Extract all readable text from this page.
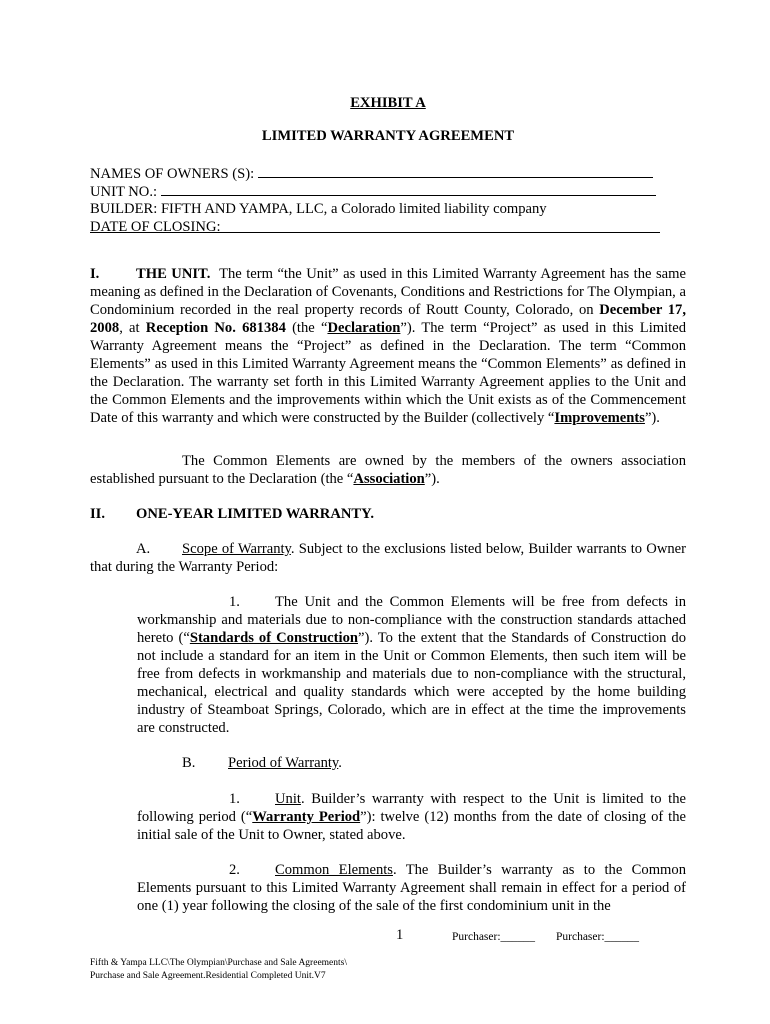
EXHIBIT A
LIMITED WARRANTY AGREEMENT
NAMES OF OWNERS (S):
UNIT NO.:
BUILDER: FIFTH AND YAMPA, LLC, a Colorado limited liability company
DATE OF CLOSING:
I.	THE UNIT. The term “the Unit” as used in this Limited Warranty Agreement has the same meaning as defined in the Declaration of Covenants, Conditions and Restrictions for The Olympian, a Condominium recorded in the real property records of Routt County, Colorado, on December 17, 2008, at Reception No. 681384 (the “Declaration”). The term “Project” as used in this Limited Warranty Agreement means the “Project” as defined in the Declaration. The term “Common Elements” as used in this Limited Warranty Agreement means the “Common Elements” as defined in the Declaration. The warranty set forth in this Limited Warranty Agreement applies to the Unit and the Common Elements and the improvements within which the Unit exists as of the Commencement Date of this warranty and which were constructed by the Builder (collectively “Improvements”).
The Common Elements are owned by the members of the owners association established pursuant to the Declaration (the “Association”).
II. ONE-YEAR LIMITED WARRANTY.
A. Scope of Warranty. Subject to the exclusions listed below, Builder warrants to Owner that during the Warranty Period:
1. The Unit and the Common Elements will be free from defects in workmanship and materials due to non-compliance with the construction standards attached hereto (“Standards of Construction”). To the extent that the Standards of Construction do not include a standard for an item in the Unit or Common Elements, then such item will be free from defects in workmanship and materials due to non-compliance with the structural, mechanical, electrical and quality standards which were accepted by the home building industry of Steamboat Springs, Colorado, which are in effect at the time the improvements are constructed.
B. Period of Warranty.
1. Unit. Builder’s warranty with respect to the Unit is limited to the following period (“Warranty Period”): twelve (12) months from the date of closing of the initial sale of the Unit to Owner, stated above.
2. Common Elements. The Builder’s warranty as to the Common Elements pursuant to this Limited Warranty Agreement shall remain in effect for a period of one (1) year following the closing of the sale of the first condominium unit in the
1	Purchaser:______ Purchaser:______
Fifth & Yampa LLC\The Olympian\Purchase and Sale Agreements\
Purchase and Sale Agreement.Residential Completed Unit.V7
